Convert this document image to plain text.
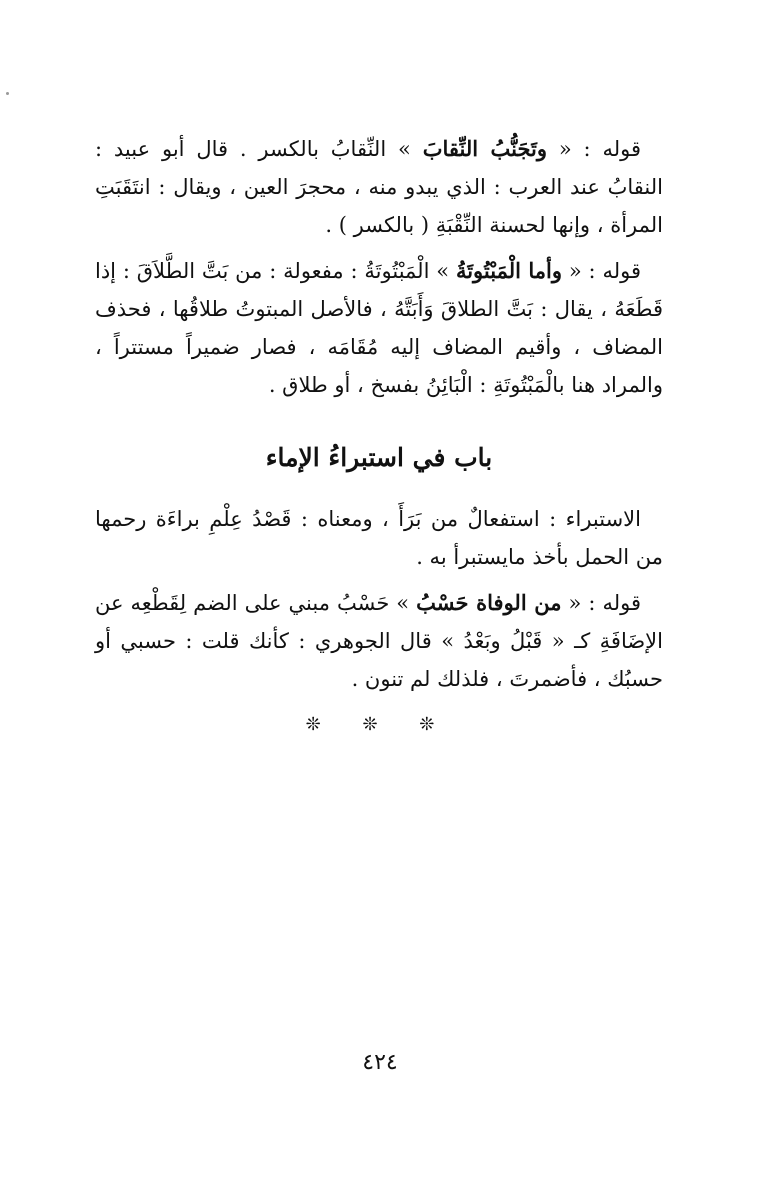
قوله : « وتَجَنُّبُ النِّقابَ » النِّقابُ بالكسر . قال أبو عبيد : النقابُ عند العرب : الذي يبدو منه ، محجرَ العين ، ويقال : انتَقَبَتِ المرأة ، وإنها لحسنة النِّقْبَةِ ( بالكسر ) .

قوله : « وأما الْمَبْتُوتَةُ » الْمَبْتُوتَةُ : مفعولة : من بَتَّ الطَّلاَقَ : إذا قَطَعَهُ ، يقال : بَتَّ الطلاقَ وَأَبَتَّهُ ، فالأصل المبتوتُ طلاقُها ، فحذف المضاف ، وأقيم المضاف إليه مُقَامَه ، فصار ضميراً مستتراً ، والمراد هنا بالْمَبْتُوتَةِ : الْبَائِنُ بفسخ ، أو طلاق .

باب في استبراءُ الإماء

الاستبراء : استفعالٌ من بَرَأَ ، ومعناه : قَصْدُ عِلْمِ براءَة رحمها من الحمل بأخذ مايستبرأ به .

قوله : « من الوفاة حَسْبُ » حَسْبُ مبني على الضم لِقَطْعِه عن الإضَافَةِ كـ « قَبْلُ وبَعْدُ » قال الجوهري : كأنك قلت : حسبي أو حسبُك ، فأضمرتَ ، فلذلك لم تنون .

❊ ❊ ❊
٤٢٤
